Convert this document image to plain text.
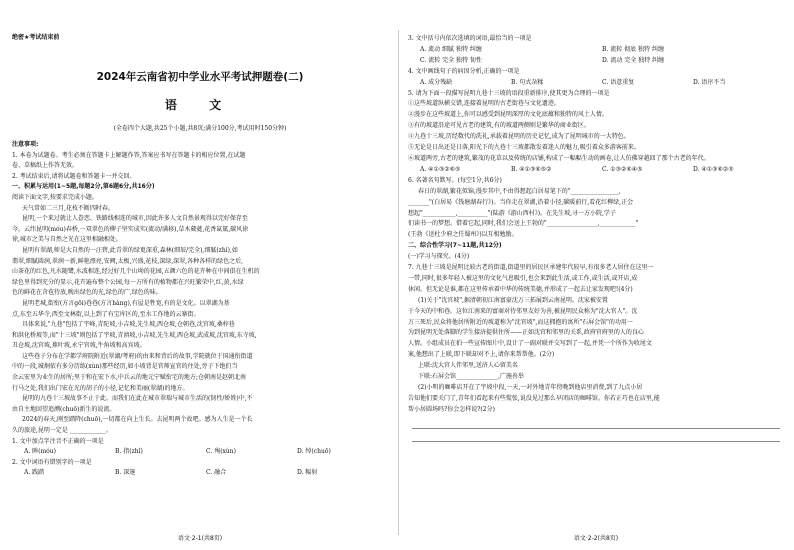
绝密★考试结束前
2024年云南省初中学业水平考试押题卷(二)
语 文
(全卷四个大题,共25个小题,共8页;满分100分,考试用时150分钟)

注意事项:

1. 本卷为试题卷。考生必须在答题卡上解题作答,答案应书写在答题卡的相应位置,在试题

卷、草稿纸上作答无效。

2. 考试结束后,请将试题卷和答题卡一并交回。

一、积累与运用(1~5题,每题2分,第6题6分,共16分)

阅读下面文字,按要求完成小题。

天气常如二三月,花枝不断四时春。

昆明,一个来过就让人眷恋、铁路线相连的城市,因此许多人文自然景观得以完好保存至

今。云纬昆明(móu)春桥,一双翠色的柳子坚实成实(流动/满移),草木葳蕤,花香氤氲,碳风徐

徐,城市之美与自然之光在这里相融相处。

昆明有翠湖,师是大自然的一汪碧,此青翠的绿更深重,森林(细辰/完全),细腻(zhì),如

翡翠,细腻圆润,翠润一新,鲜艳漂亮,安阙,太极,兴盛,花枝,深绿,深翠,各种各样的绿色之后,

山茶花的红色,凡水随鹭,水波相连,经过好几个山坳的花园,五颜六色的花卉种在中间俱在生机的

绿色里得到充分的显示,花卉遍布整个公园,每一方所有的植物都在兴旺繁荣中,红,黄,水绿

色的鲜花在含苞待放,晚出绿色的光,绿色的广,绿色的味。

昆明老城,街衔(方言gōi)巷巷(方言hàng),有屋是牲宽,有的是文化。以翠湖为基

点,东至五华寺,西至文林街,以上到了有宝库区的,至水工作地的云寨街。

具体来说,"九巷"包括了宇峰,青陀坡,小吉坡,先生坡,西仓坡,仓朝巷,沈官坡,桑梓巷

和洪化桥坡等,而"十三坡"则包括了宇坡,青滇坡,小吉坡,先生坡,西仓坡,武成坡,沈官坡,东寺坡,

丑仓坡,沈官坡,蕉叶坡,永宁官坡,牛角坡和高宾坡。

这些巷子分布在学都学府院附近(翠湖/考府)的由来和背后的故事,学院就位于国通衔街道

中的一段,城炯依有多分历练(xùn)那些经历,如小坡背是官师宣官的住处,旁子下绝们当

余云宏里为业生的居所;里于和在宏下水,中兵云的地元宁赋衔宅的地方;仓朝南是赵朝北南

行马之处,我们出门宏在光的胡子的小径,记忆和美丽(翠湖)的地方。

昆明的九巷十三坡故事不止于此。而我们在此在城市翠瑞与城市生活的(韧性/娇姓)中,不

由自主地回望追溯(chuō)新生的说流。

2024的春天,刚至踏降(chuō),一切都在向上生长。去昆明两个故吧。感为人生是一个长

久的旅途,昆明一定是 ____________。

1. 文中加点字注音不正确的一项是

A. 眸(móu)	B. 指(zhǐ)	C. 殉(xùn)	D. 绰(chuō)

2. 文中词语有错别字的一项是

A. 践踏	B. 深邃	C. 融合	D. 幅射
语文·2-1(共8页)

3. 文中括号内依次选填的词语,最恰当的一项是

A. 流动 细腻 独特 纠缠	B. 流转 彻底 独特 纠缠
C. 流转 完全 独特 韧性	D. 流动 完全 独特 纠缠

4. 文中画线句子的病因分析,正确的一项是

A. 成分残缺	B. 句式杂糅	C. 语意重复	D. 语序不当

5. 请为下面一段描写昆明九巷十三坡的语段重新排序,使其更为合理的一项是

①这些坡道纵横交错,连接着昆明的古老街巷与文化遗迹。

②漫步在这些坡道上,你可以感受到昆明深厚的文化底蕴和独特的风土人情。

③有的坡道沿途可见古老的建筑,有的坡道两侧则是繁华的商业街区。

④九巷十三坡,历经数代的洗礼,承载着昆明的历史记忆,成为了昆明城市的一大特色。

⑤无论是日出还是日落,阳光下的九巷十三坡都散发着迷人的魅力,吸引着众多游客前来。

⑥坡道两旁,古老的建筑,繁茂的花草以及传统的店铺,构成了一幅幅生动的画卷,让人仿佛穿越回了那个古老的年代。

A. ④①③②⑥⑤	B. ④①③⑥⑤②	C. ①③②⑥④⑤	D. ④①③⑥②⑤

6. 名著名句默写。(每空1分,共6分)

春日的翠湖,繁花似锦,漫步其中,不由得想起白居易笔下的"________________,

_______"(白居易《钱塘湖春行》)。当你走在翠湖,沿着小径,碳暖前行,看花红柳绿,正会

想起"___________,__________"(陆游《游山西村》)。在先生坡,寻一方小院,学子

们读书一的梦想。借着它起,同时,我们会送上王勃的"_________________,____________"

(王勃《送杜少府之任蜀州》)以互相勉励。

二、综合性学习(7~11题,共12分)

(一)学习与探究。(4分)

7. 九巷十三坡是昆明比较古老的街道,街道里的居民区承建年代较早,有很多老人居住在这里一

一带,同时,很多年轻人被这里的文化气息吸引,也会来到此生活,或工作,或生活,或开店,成

休闲。但无论是谁,都在这里传承着中华的传统美德,并形成了一起去让家发现吧!(4分)

(1)关于"沈官坡",据清朝初江南富豪沈万三拓展到云南昆明。沈家被安置

于今天的中和巷。这位江南来的富商对待邻里友好为善,被昆明民众称为"沈大官人"。沈

万三死后,民众将他居所附近的坡道称为"沈官坡",而这拥抱的寓所"石屏会馆"的功用一

为到昆明无处落脚的学生接济提供住所——正如沈官和邻里的关系,政府官府里的人的良心

人情。小组成员在拍一些宣传图片中,设计了一副对联并交写到了一起,并凭一个所作为收尾文

案,他想出了上联,即下联却对不上,请你来帮帮他。(2分)

上联:沈大官人伴邻里,送济人心留美名

下联:石屏会馆______________,广施善举

(2)小明的咖啡店开在了宇坡中段,一天,一对外地青年傍晚到他店里消费,到了九点小居

告知他们要关门了,青年们看起来有些慌张,说没见过那么早闭店的咖啡馆。你若正巧也在店里,能

帮小居圆场吗?你会怎样说?(2分)

语文·2-2(共8页)
